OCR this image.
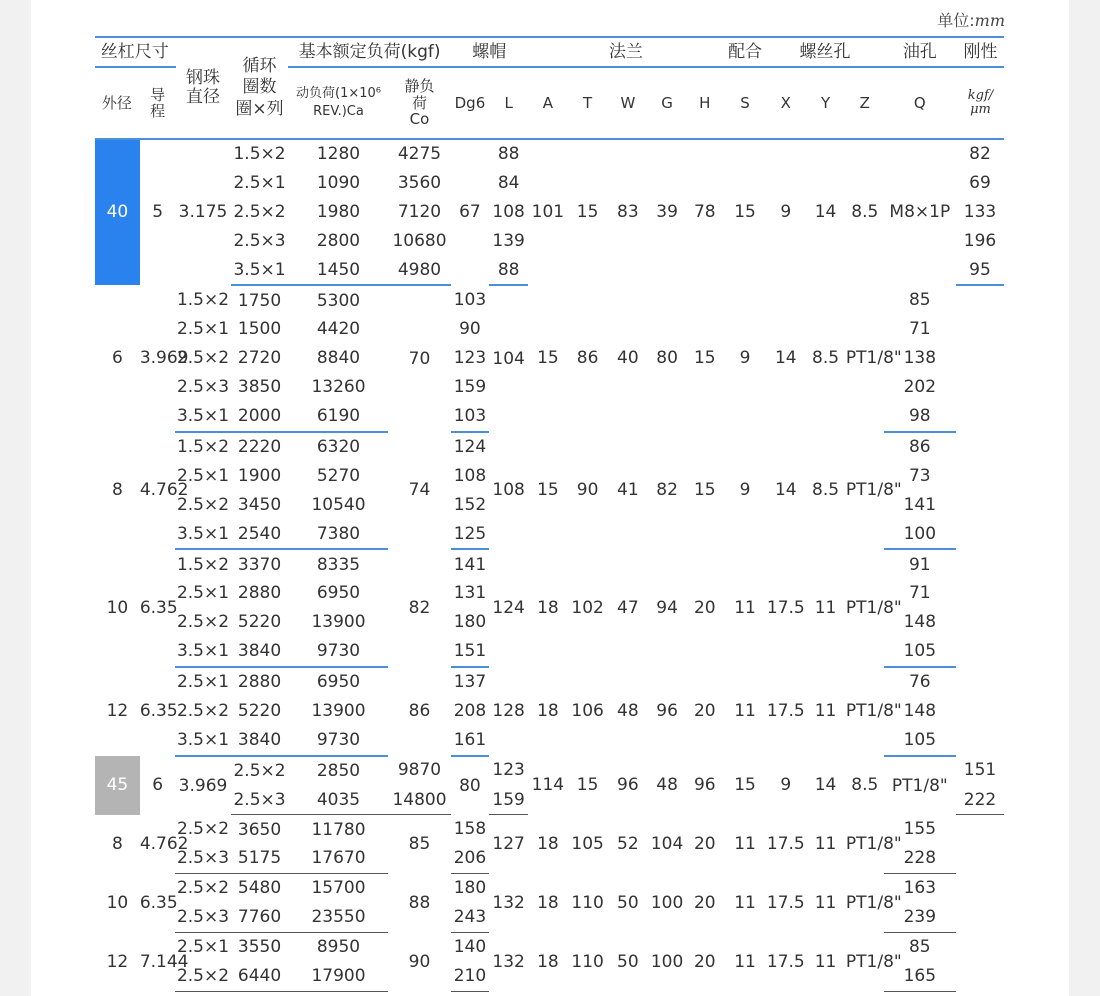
单位:mm
丝杠尺寸		钢珠直径	循环圈数圈×列	基本额定负荷(kgf)		螺帽		法兰					配合	螺丝孔			油孔	刚性
外径	导程			动负荷(1×10⁶ REV.)Ca	静负荷Co	Dg6	L	A	T	W	G	H	S	X	Y	Z	Q	kgf/μm
40	5	3.175	1.5×2	1280	4275	67	88	101	15	83	39	78	15	9	14	8.5	M8×1P	82
			2.5×1	1090	3560		84											69
			2.5×2	1980	7120		108											133
			2.5×3	2800	10680		139											196
			3.5×1	1450	4980		88											95
6	3.969	1.5×2	1750	5300	70	103	104	15	86	40	80	15	9	14	8.5	PT1/8"	85	
		2.5×1	1500	4420		90											71	
		2.5×2	2720	8840		123											138	
		2.5×3	3850	13260		159											202	
		3.5×1	2000	6190		103											98	
8	4.762	1.5×2	2220	6320	74	124	108	15	90	41	82	15	9	14	8.5	PT1/8"	86	
		2.5×1	1900	5270		108											73	
		2.5×2	3450	10540		152											141	
		3.5×1	2540	7380		125											100	
10	6.35	1.5×2	3370	8335	82	141	124	18	102	47	94	20	11	17.5	11	PT1/8"	91	
		2.5×1	2880	6950		131											71	
		2.5×2	5220	13900		180											148	
		3.5×1	3840	9730		151											105	
12	6.35	2.5×1	2880	6950	86	137	128	18	106	48	96	20	11	17.5	11	PT1/8"	76	
		2.5×2	5220	13900		208											148	
		3.5×1	3840	9730		161											105	
45	6	3.969	2.5×2	2850	9870	80	123	114	15	96	48	96	15	9	14	8.5	PT1/8"	151
			2.5×3	4035	14800		159											222
8	4.762	2.5×2	3650	11780	85	158	127	18	105	52	104	20	11	17.5	11	PT1/8"	155	
		2.5×3	5175	17670		206											228	
10	6.35	2.5×2	5480	15700	88	180	132	18	110	50	100	20	11	17.5	11	PT1/8"	163	
		2.5×3	7760	23550		243											239	
12	7.144	2.5×1	3550	8950	90	140	132	18	110	50	100	20	11	17.5	11	PT1/8"	85	
		2.5×2	6440	17900		210											165	
